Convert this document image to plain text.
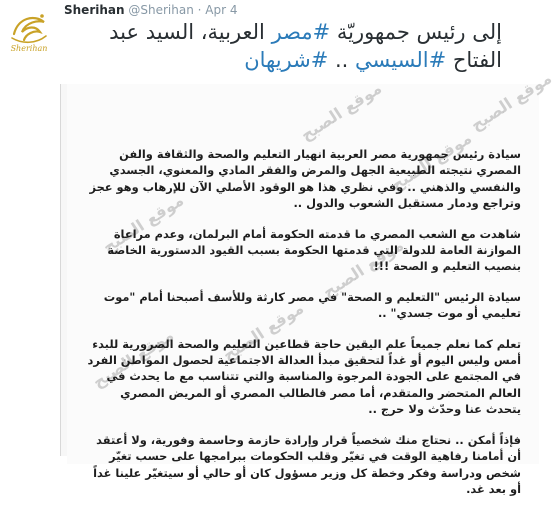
Sherihan
Sherihan @Sherihan · Apr 4
إلى رئيس جمهوريّة #مصر العربية، السيد عبد الفتاح #السيسي .. #شريهان
موقع الصبح
موقع الصبح
موقع الصبح
موقع الصبح
موقع الصبح	موقع الصبح
موقع الصبح

سيادة رئيس جمهورية مصر العربية انهيار التعليم والصحة والثقافة والفن المصري نتيجته الطبيعية الجهل والمرض والفقر المادي والمعنوي، الجسدي والنفسي والذهني .. وفي نظري هذا هو الوقود الأصلي الآن للإرهاب وهو عجز وتراجع ودمار مستقبل الشعوب والدول ..

شاهدت مع الشعب المصري ما قدمته الحكومة أمام البرلمان، وعدم مراعاة الموازنة العامة للدولة التي قدمتها الحكومة بسبب القيود الدستورية الخاصة بنصيب التعليم و الصحة !!!

سيادة الرئيس "التعليم و الصحة" في مصر كارثة وللأسف أصبحنا أمام "موت تعليمي أو موت جسدي" ..

تعلم كما نعلم جميعاً علم اليقين حاجة قطاعين التعليم والصحة الضرورية للبدء أمس وليس اليوم أو غداً لتحقيق مبدأ العدالة الاجتماعية لحصول المواطن الفرد في المجتمع على الجودة المرجوة والمناسبة والتي تتناسب مع ما يحدث في العالم المتحضر والمتقدم، أما مصر فالطالب المصري أو المريض المصري يتحدث عنا وحدّث ولا حرج ..

فإذاً أمكن .. نحتاج منك شخصياً قرار وإرادة حازمة وحاسمة وفورية، ولا أعتقد أن أمامنا رفاهية الوقت في تغيّر وقلب الحكومات ببرامجها على حسب تغيّر شخص ودراسة وفكر وخطة كل وزير مسؤول كان أو حالي أو سيتغيّر علينا غداً أو بعد غد.
